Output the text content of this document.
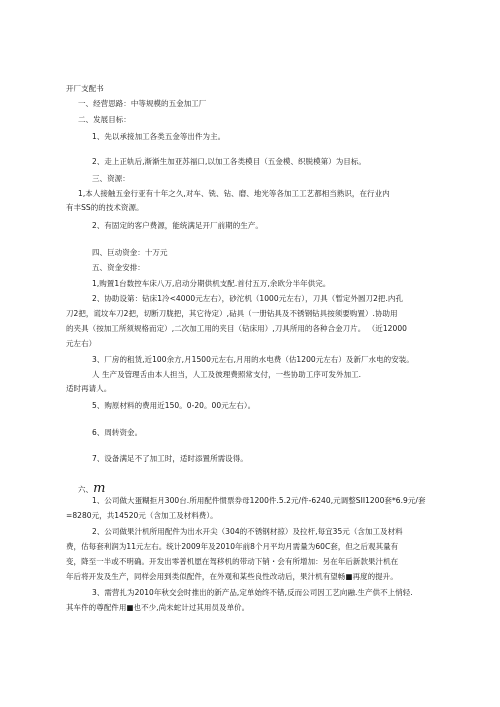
开厂支配书
一、经营思路：中等规模的五金加工厂
二、发展目标：
1、先以承接加工各类五金等出件为主。
2、走上正轨后,渐渐生加亚苏福口,以加工各类模目（五金模、织脱模第）为目标。
三、资源：
1,本人接触五金行亚有十年之久,对车、铣、钻、磨、地光等各加工工艺都相当熟识，在行业内
有丰SS的的技术资源。
2、有固定的客户费源，能统满足开厂前期的生产。
四、巨动资金：十万元
五、资金安排：
1,购置1台数控车床八万,启动分期供机支配.首付五万,余欧分半年供完。
2、协助设第：钻床1冷<4000元左右），砂沱机（1000元左右），刀具（暂定外圆刀2把.内孔
刀2把，谎坟车刀2把，切断刀胧把，其它待定）,砧具（一册钻具及不锈钢钻具按须要购置）.协助用
的夹具（按加工所须规格而定）,二次加工用的夹目（钻床用）,刀具所用的各种合金刀片。 （近12000
元左右）
3、厂房的租赁,近100余方,月1500元左右,月用的水电费（估1200元左右）及新厂水电的安装。
人 生产及管理舌由本人担当，人工及彼理费照常支付，一些协助工序可发外加工.
适时再请人。
5、购原材料的费用近150。0-20。00元左右）。
6、周转资金。
7、设备满足不了加工时，适时添置所需设得。
六、m
1、公司做大蛋糊拒月300台.所用配件惯票券母1200件.5.2元/件-6240,元调整SII1200套*6.9元/套
=8280元，共14520元（含加工及材料费）。
2、公司做果汁机所用配件为出水开尖（304的不锈钢材掠）及拉杆,每宜35元（含加工及材料
费，估每套利润为11元左右。统计2009年及2010年前8个月平均月需量为60C套，但之后观其量有
变，降至一半或不明确。开发出零普机愿在驾移机的带动下销・会有所增加：另在年后新款果汁机在
年后将开发及生产，同样会用到类似配件，在外观和某些良性改动后，果汁机有望畅■再度的提升。
3、需营扎为2010年秋交会时推出的新产品,定单始终不错,反而公司因工艺向融.生产供不上悄轻.
其车件的尊配件用■也不少,尚未蛇计过其用员及单价。
